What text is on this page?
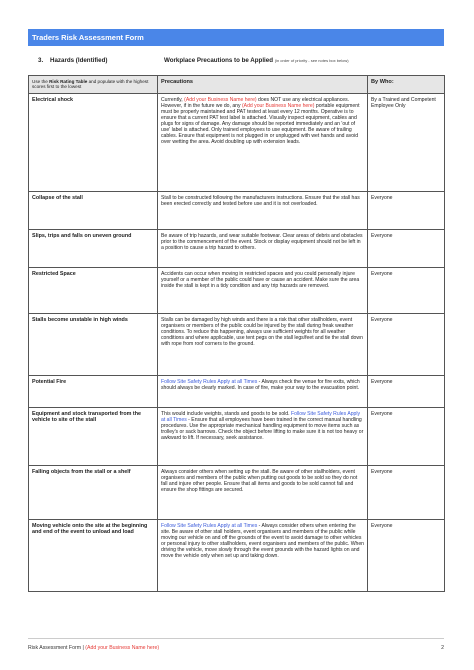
Traders Risk Assessment Form
3. Hazards (Identified)	Workplace Precautions to be Applied (in order of priority - see notes box below)
Use the Risk Rating Table and populate with the highest scores first to the lowest	Precautions	By Who:
Electrical shock	Currently, (Add your Business Name here) does NOT use any electrical appliances. However, if in the future we do, any (Add your Business Name here) portable equipment must be properly maintained and PAT tested at least every 12 months. Operative is to ensure that a current PAT test label is attached. Visually inspect equipment, cables and plugs for signs of damage. Any damage should be reported immediately and an 'out of use' label is attached. Only trained employees to use equipment. Be aware of trailing cables. Ensure that equipment is not plugged in or unplugged with wet hands and avoid over wetting the area. Avoid doubling up with extension leads.	By a Trained and Competent Employee Only
Collapse of the stall	Stall to be constructed following the manufacturers instructions. Ensure that the stall has been erected correctly and tested before use and it is not overloaded.	Everyone
Slips, trips and falls on uneven ground	Be aware of trip hazards, and wear suitable footwear. Clear areas of debris and obstacles prior to the commencement of the event. Stock or display equipment should not be left in a position to cause a trip hazard to others.	Everyone
Restricted Space	Accidents can occur when moving in restricted spaces and you could personally injure yourself or a member of the public could have or cause an accident. Make sure the area inside the stall is kept in a tidy condition and any trip hazards are removed.	Everyone
Stalls become unstable in high winds	Stalls can be damaged by high winds and there is a risk that other stallholders, event organisers or members of the public could be injured by the stall during freak weather conditions. To reduce this happening, always use sufficient weights for all weather conditions and where applicable, use tent pegs on the stall legs/feet and tie the stall down with rope from roof corners to the ground.	Everyone
Potential Fire	Follow Site Safety Rules Apply at all Times - Always check the venue for fire exits, which should always be clearly marked. In case of fire, make your way to the evacuation point.	Everyone
Equipment and stock transported from the vehicle to site of the stall	This would include weights, stands and goods to be sold. Follow Site Safety Rules Apply at all Times - Ensure that all employees have been trained in the correct manual handling procedures. Use the appropriate mechanical handling equipment to move items such as trolley's or sack barrows. Check the object before lifting to make sure it is not too heavy or awkward to lift. If necessary, seek assistance.	Everyone
Falling objects from the stall or a shelf	Always consider others when setting up the stall. Be aware of other stallholders, event organisers and members of the public when putting out goods to be sold so they do not fall and injure other people. Ensure that all items and goods to be sold cannot fall and ensure the shop fittings are secured.	Everyone
Moving vehicle onto the site at the beginning and end of the event to unload and load	Follow Site Safety Rules Apply at all Times - Always consider others when entering the site. Be aware of other stall holders, event organisers and members of the public while moving our vehicle on and off the grounds of the event to avoid damage to other vehicles or personal injury to other stallholders, event organisers and members of the public. When driving the vehicle, move slowly through the event grounds with the hazard lights on and move the vehicle only when set up and taking down.	Everyone
Risk Assessment Form | (Add your Business Name here)	2
